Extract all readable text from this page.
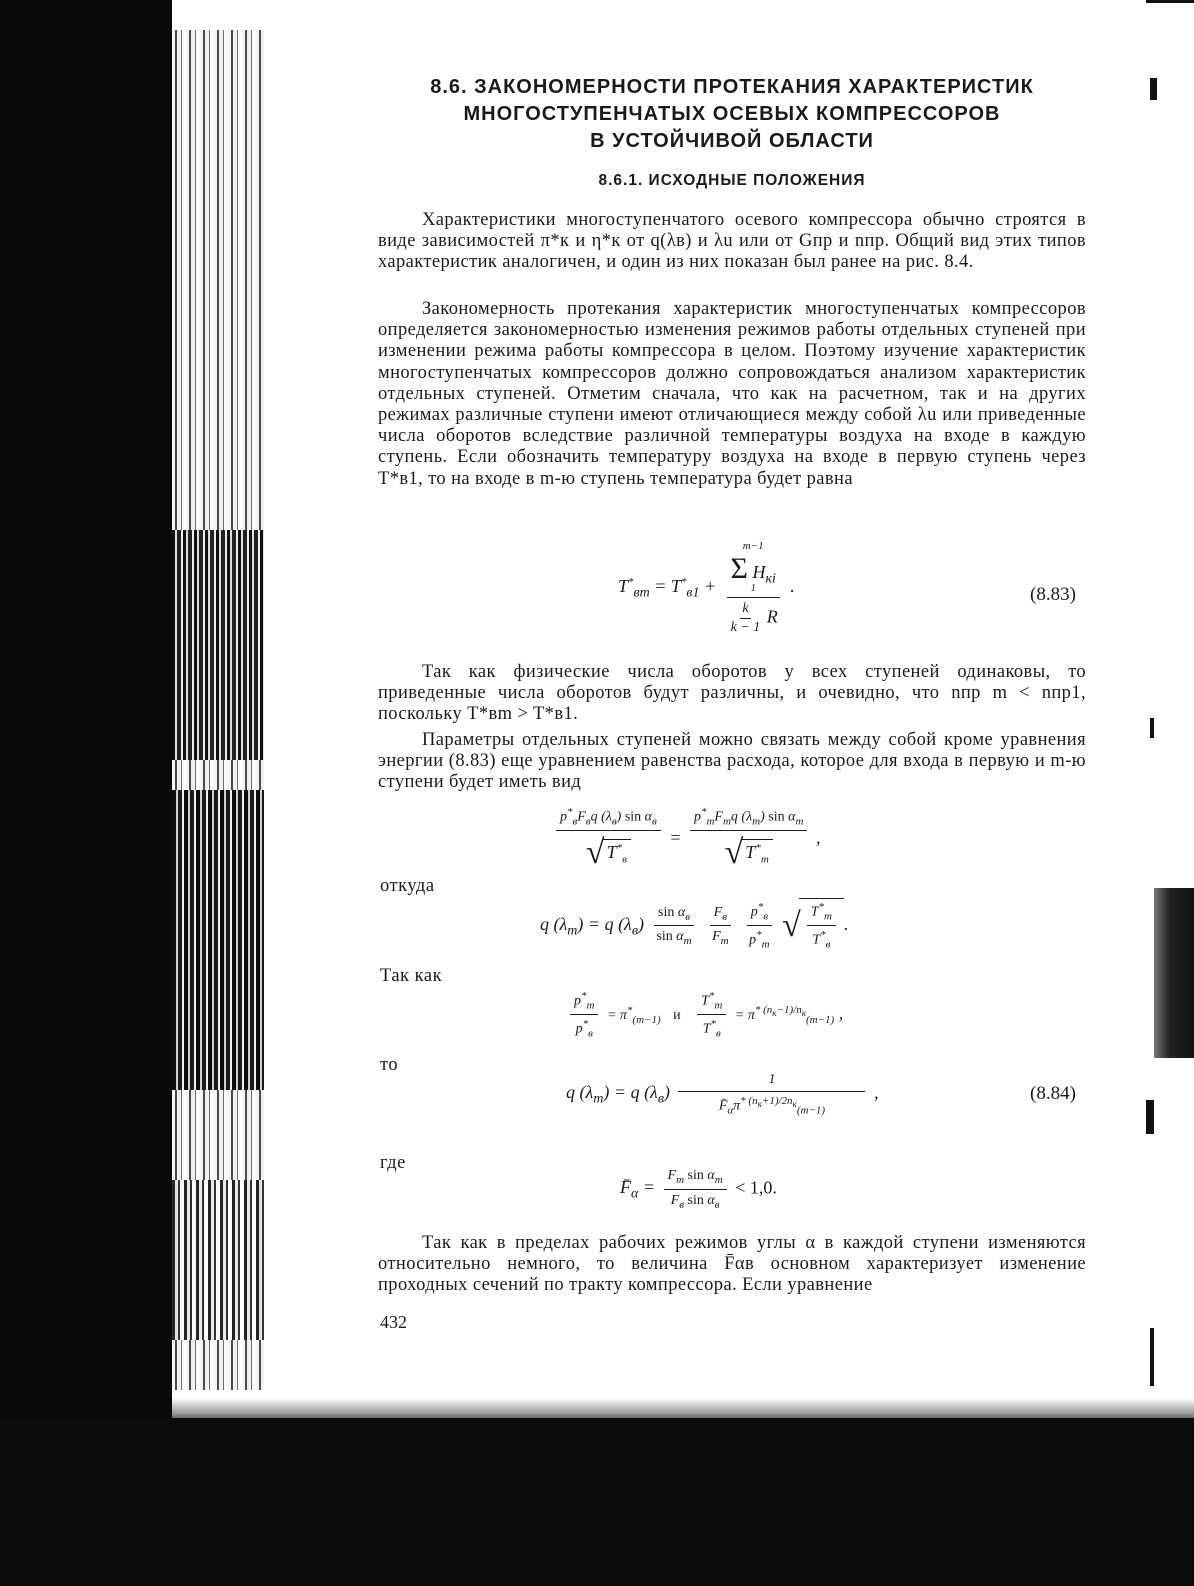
8.6. ЗАКОНОМЕРНОСТИ ПРОТЕКАНИЯ ХАРАКТЕРИСТИК
МНОГОСТУПЕНЧАТЫХ ОСЕВЫХ КОМПРЕССОРОВ
В УСТОЙЧИВОЙ ОБЛАСТИ
8.6.1. ИСХОДНЫЕ ПОЛОЖЕНИЯ
Характеристики многоступенчатого осевого компрессора обычно строятся в виде зависимостей π*к и η*к от q(λв) и λu или от Gпр и nпр. Общий вид этих типов характеристик аналогичен, и один из них показан был ранее на рис. 8.4.
Закономерность протекания характеристик многоступенчатых компрессоров определяется закономерностью изменения режимов работы отдельных ступеней при изменении режима работы компрессора в целом. Поэтому изучение характеристик многоступенчатых компрессоров должно сопровождаться анализом характеристик отдельных ступеней. Отметим сначала, что как на расчетном, так и на других режимах различные ступени имеют отличающиеся между собой λu или приведенные числа оборотов вследствие различной температуры воздуха на входе в каждую ступень. Если обозначить температуру воздуха на входе в первую ступень через T*в1, то на входе в m-ю ступень температура будет равна
$T^*_{вm} = T^*_{в1} + m-1$
Σ $H_{кi}$
1
$\frac{k}{k - 1}$ R .	(8.83)
Так как физические числа оборотов у всех ступеней одинаковы, то приведенные числа оборотов будут различны, и очевидно, что nпр m < nпр1, поскольку T*вm > T*в1.
Параметры отдельных ступеней можно связать между собой кроме уравнения энергии (8.83) еще уравнением равенства расхода, которое для входа в первую и m-ю ступени будет иметь вид
$\frac{p^*_вF_вq (\lambda_в) \sin \alpha_в}{√ T^*_в} = \frac{p^*_mF_mq (\lambda_m) \sin \alpha_m}{√ T^*_m}$ ,
откуда
q $(\lambda_m) = q$ $(\lambda_в) \frac{\sin \alpha_в}{\sin \alpha_m}$
$\frac{F_в}{F_m}$
$\frac{p^*_в}{p^*_m}$ √ $\frac{T^*_m}{T^*_в}$ .
Так как
$\frac{p^*_m}{p^*_в} = \pi^*_{(m-1)}$ и $\frac{T^*_m}{T^*_в} = \pi^{* (n_к-1)/n_к}_{(m-1)}$ ,
то
q $(\lambda_m) = q$ $(\lambda_в) \frac{1}{F̄_\alpha\pi^{* (n_к+1)/2n_к}_{(m-1)}}$ ,	(8.84)
где
$F̄_\alpha = \frac{F_m \sin \alpha_m}{F_в \sin \alpha_в} < 1,0$.
Так как в пределах рабочих режимов углы α в каждой ступени изменяются относительно немного, то величина F̄αв основном характеризует изменение проходных сечений по тракту компрессора. Если уравнение
432
